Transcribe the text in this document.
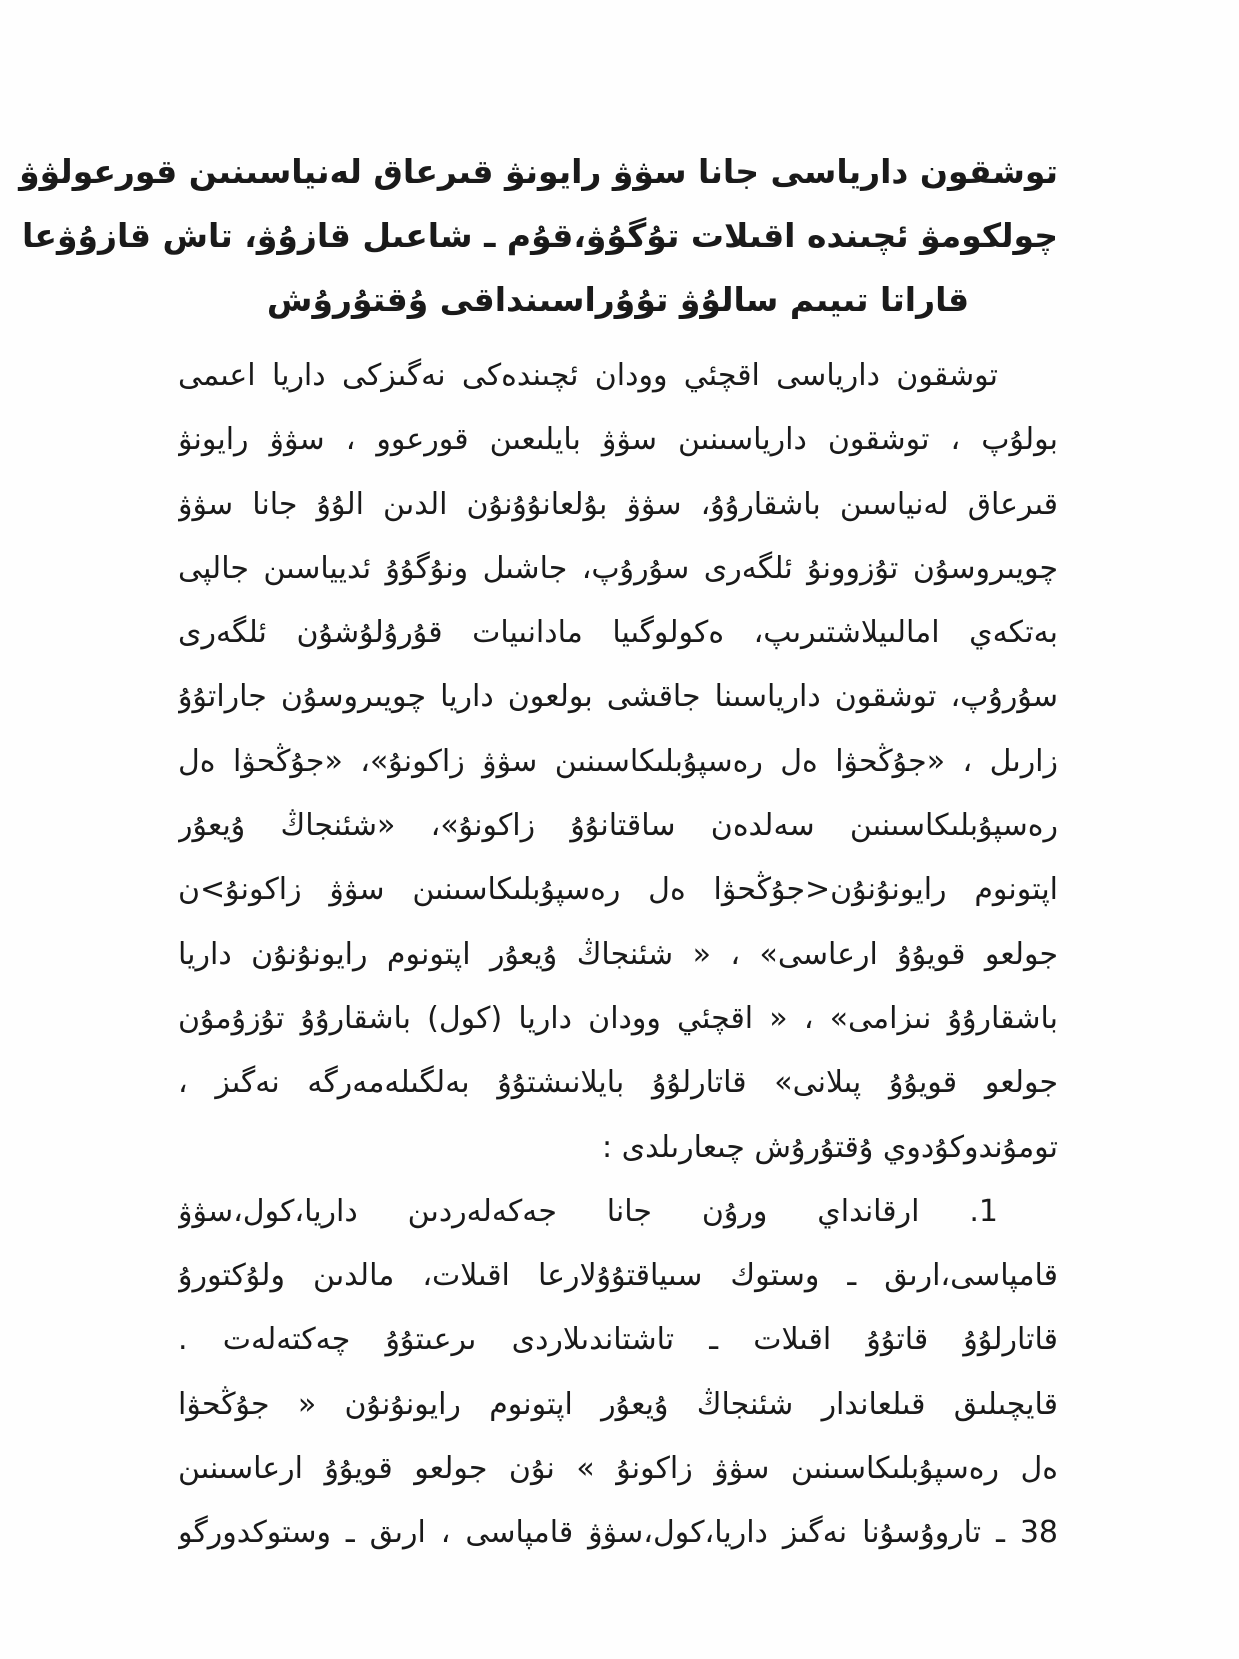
توشقون دارياسى جانا سۋۋ رايونۋ قىرعاق لەنياسىنىن قورعولۋۋ
چولكومۋ ئچىندە اقىلات تۇگۇۋ،قۇم ـ شاعىل قازۇۋ، تاش قازۇۋعا
قاراتا تىيىم سالۇۋ تۇۇراسىنداقى ۇقتۇرۇش
توشقون دارياسى اقچئي وودان ئچىندەكى نەگىزكى داريا اعىمى
بولۇپ ، توشقون دارياسىنىن سۋۋ بايلىعىن قورعوو ، سۋۋ رايونۋ
قىرعاق لەنياسىن باشقارۇۇ، سۋۋ بۇلعانۇۇنۇن الدىن الۇۇ جانا سۋۋ
چويىروسۇن تۇزوونۇ ئلگەرى سۇرۇپ، جاشىل ونۇگۇۇ ئديياسىن جالپى
بەتكەي امالىيلاشتىرىپ، ەكولوگىيا مادانىيات قۇرۇلۇشۇن ئلگەرى
سۇرۇپ، توشقون دارياسىنا جاقشى بولعون داريا چويىروسۇن جاراتۇۇ
زارىل ، «جۇڭحۋا ەل رەسپۇبلىكاسىنىن سۋۋ زاكونۇ»، «جۇڭحۋا ەل
رەسپۇبلىكاسىنىن سەلدەن ساقتانۇۇ زاكونۇ»، «شئنجاڭ ۇيعۇر
اپتونوم رايونۇنۇن<جۇڭحۋا ەل رەسپۇبلىكاسىنىن سۋۋ زاكونۇ>ن
جولعو قويۇۇ ارعاسى» ، « شئنجاڭ ۇيعۇر اپتونوم رايونۇنۇن داريا
باشقارۇۇ نىزامى» ، « اقچئي وودان داريا (كول) باشقارۇۇ تۇزۇمۇن
جولعو قويۇۇ پىلانى» قاتارلۇۇ بايلانىشتۇۇ بەلگىلەمەرگە نەگىز ،
تومۇندوكۇدوي ۇقتۇرۇش چىعارىلدى :
1. ارقانداي ورۇن جانا جەكەلەردىن داريا،كول،سۋۋ
قامپاسى،ارىق ـ وستوك سىياقتۇۇلارعا اقىلات، مالدىن ولۇكتورۇ
قاتارلۇۇ قاتۇۇ اقىلات ـ تاشتاندىلاردى ىرعىتۇۇ چەكتەلەت .
قايچىلىق قىلعاندار شئنجاڭ ۇيعۇر اپتونوم رايونۇنۇن « جۇڭحۋا
ەل رەسپۇبلىكاسىنىن سۋۋ زاكونۇ » نۇن جولعو قويۇۇ ارعاسىنىن
38 ـ تاروۇسۇنا نەگىز داريا،كول،سۋۋ قامپاسى ، ارىق ـ وستوكدورگو
